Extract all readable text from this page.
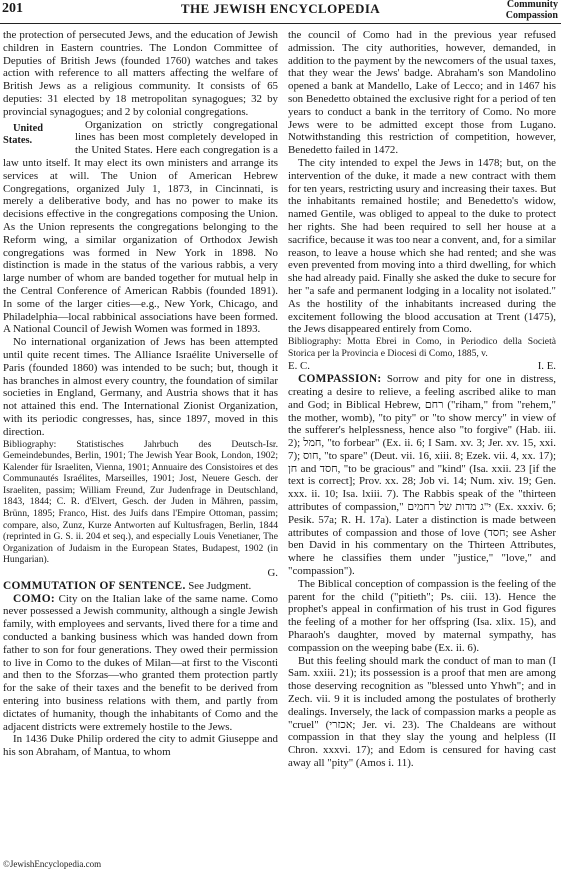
201	THE JEWISH ENCYCLOPEDIA	Community
Compassion

the protection of persecuted Jews, and the education of Jewish children in Eastern countries. The London Committee of Deputies of British Jews (founded 1760) watches and takes action with reference to all matters affecting the welfare of British Jews as a religious community. It consists of 65 deputies: 31 elected by 18 metropolitan synagogues; 32 by provincial synagogues; and 2 by colonial congregations.

United States.
Organization on strictly congregational lines has been most completely developed in the United States. Here each congregation is a law unto itself. It may elect its own ministers and arrange its services at will. The Union of American Hebrew Congregations, organized July 1, 1873, in Cincinnati, is merely a deliberative body, and has no power to make its decisions effective in the congregations composing the Union. As the Union represents the congregations belonging to the Reform wing, a similar organization of Orthodox Jewish congregations was formed in New York in 1898. No distinction is made in the status of the various rabbis, a very large number of whom are banded together for mutual help in the Central Conference of American Rabbis (founded 1891). In some of the larger cities—e.g., New York, Chicago, and Philadelphia—local rabbinical associations have been formed. A National Council of Jewish Women was formed in 1893.

No international organization of Jews has been attempted until quite recent times. The Alliance Israélite Universelle of Paris (founded 1860) was intended to be such; but, though it has branches in almost every country, the foundation of similar societies in England, Germany, and Austria shows that it has not attained this end. The International Zionist Organization, with its periodic congresses, has, since 1897, moved in this direction.

Bibliography: Statistisches Jahrbuch des Deutsch-Isr. Gemeindebundes, Berlin, 1901; The Jewish Year Book, London, 1902; Kalender für Israeliten, Vienna, 1901; Annuaire des Consistoires et des Communautés Israélites, Marseilles, 1901; Jost, Neuere Gesch. der Israeliten, passim; William Freund, Zur Judenfrage in Deutschland, 1843, 1844; C. R. d'Elvert, Gesch. der Juden in Mähren, passim, Brünn, 1895; Franco, Hist. des Juifs dans l'Empire Ottoman, passim; compare, also, Zunz, Kurze Antworten auf Kultusfragen, Berlin, 1844 (reprinted in G. S. ii. 204 et seq.), and especially Louis Venetianer, The Organization of Judaism in the European States, Budapest, 1902 (in Hungarian).

G.

COMMUTATION OF SENTENCE. See Judgment.

COMO: City on the Italian lake of the same name. Como never possessed a Jewish community, although a single Jewish family, with employees and servants, lived there for a time and conducted a banking business which was handed down from father to son for four generations. They owed their permission to live in Como to the dukes of Milan—at first to the Visconti and then to the Sforzas—who granted them protection partly for the sake of their taxes and the benefit to be derived from entering into business relations with them, and partly from dictates of humanity, though the inhabitants of Como and the adjacent districts were extremely hostile to the Jews.

In 1436 Duke Philip ordered the city to admit Giuseppe and his son Abraham, of Mantua, to whom

the council of Como had in the previous year refused admission. The city authorities, however, demanded, in addition to the payment by the newcomers of the usual taxes, that they wear the Jews' badge. Abraham's son Mandolino opened a bank at Mandello, Lake of Lecco; and in 1467 his son Benedetto obtained the exclusive right for a period of ten years to conduct a bank in the territory of Como. No more Jews were to be admitted except those from Lugano. Notwithstanding this restriction of competition, however, Benedetto failed in 1472.

The city intended to expel the Jews in 1478; but, on the intervention of the duke, it made a new contract with them for ten years, restricting usury and increasing their taxes. But the inhabitants remained hostile; and Benedetto's widow, named Gentile, was obliged to appeal to the duke to protect her rights. She had been required to sell her house at a sacrifice, because it was too near a convent, and, for a similar reason, to leave a house which she had rented; and she was even prevented from moving into a third dwelling, for which she had already paid. Finally she asked the duke to secure for her "a safe and permanent lodging in a locality not isolated." As the hostility of the inhabitants increased during the excitement following the blood accusation at Trent (1475), the Jews disappeared entirely from Como.

Bibliography: Motta Ebrei in Como, in Periodico della Società Storica per la Provincia e Diocesi di Como, 1885, v.

E. C.	I. E.

COMPASSION: Sorrow and pity for one in distress, creating a desire to relieve, a feeling ascribed alike to man and God; in Biblical Hebrew, רחם ("riham," from "rehem," the mother, womb), "to pity" or "to show mercy" in view of the sufferer's helplessness, hence also "to forgive" (Hab. iii. 2); חמל, "to forbear" (Ex. ii. 6; I Sam. xv. 3; Jer. xv. 15, xxi. 7); חוס, "to spare" (Deut. vii. 16, xiii. 8; Ezek. vii. 4, xx. 17); חן and חסד, "to be gracious" and "kind" (Isa. xxii. 23 [if the text is correct]; Prov. xx. 28; Job vi. 14; Num. xiv. 19; Gen. xxx. ii. 10; Isa. lxiii. 7). The Rabbis speak of the "thirteen attributes of compassion," י"ג מדות של רחמים (Ex. xxxiv. 6; Pesik. 57a; R. H. 17a). Later a distinction is made between attributes of compassion and those of love (חסד; see Asher ben David in his commentary on the Thirteen Attributes, where he classifies them under "justice," "love," and "compassion").

The Biblical conception of compassion is the feeling of the parent for the child ("pitieth"; Ps. ciii. 13). Hence the prophet's appeal in confirmation of his trust in God figures the feeling of a mother for her offspring (Isa. xlix. 15), and Pharaoh's daughter, moved by maternal sympathy, has compassion on the weeping babe (Ex. ii. 6).

But this feeling should mark the conduct of man to man (I Sam. xxiii. 21); its possession is a proof that men are among those deserving recognition as "blessed unto Yhwh"; and in Zech. vii. 9 it is included among the postulates of brotherly dealings. Inversely, the lack of compassion marks a people as "cruel" (אכזרי; Jer. vi. 23). The Chaldeans are without compassion in that they slay the young and helpless (II Chron. xxxvi. 17); and Edom is censured for having cast away all "pity" (Amos i. 11).

©JewishEncyclopedia.com
